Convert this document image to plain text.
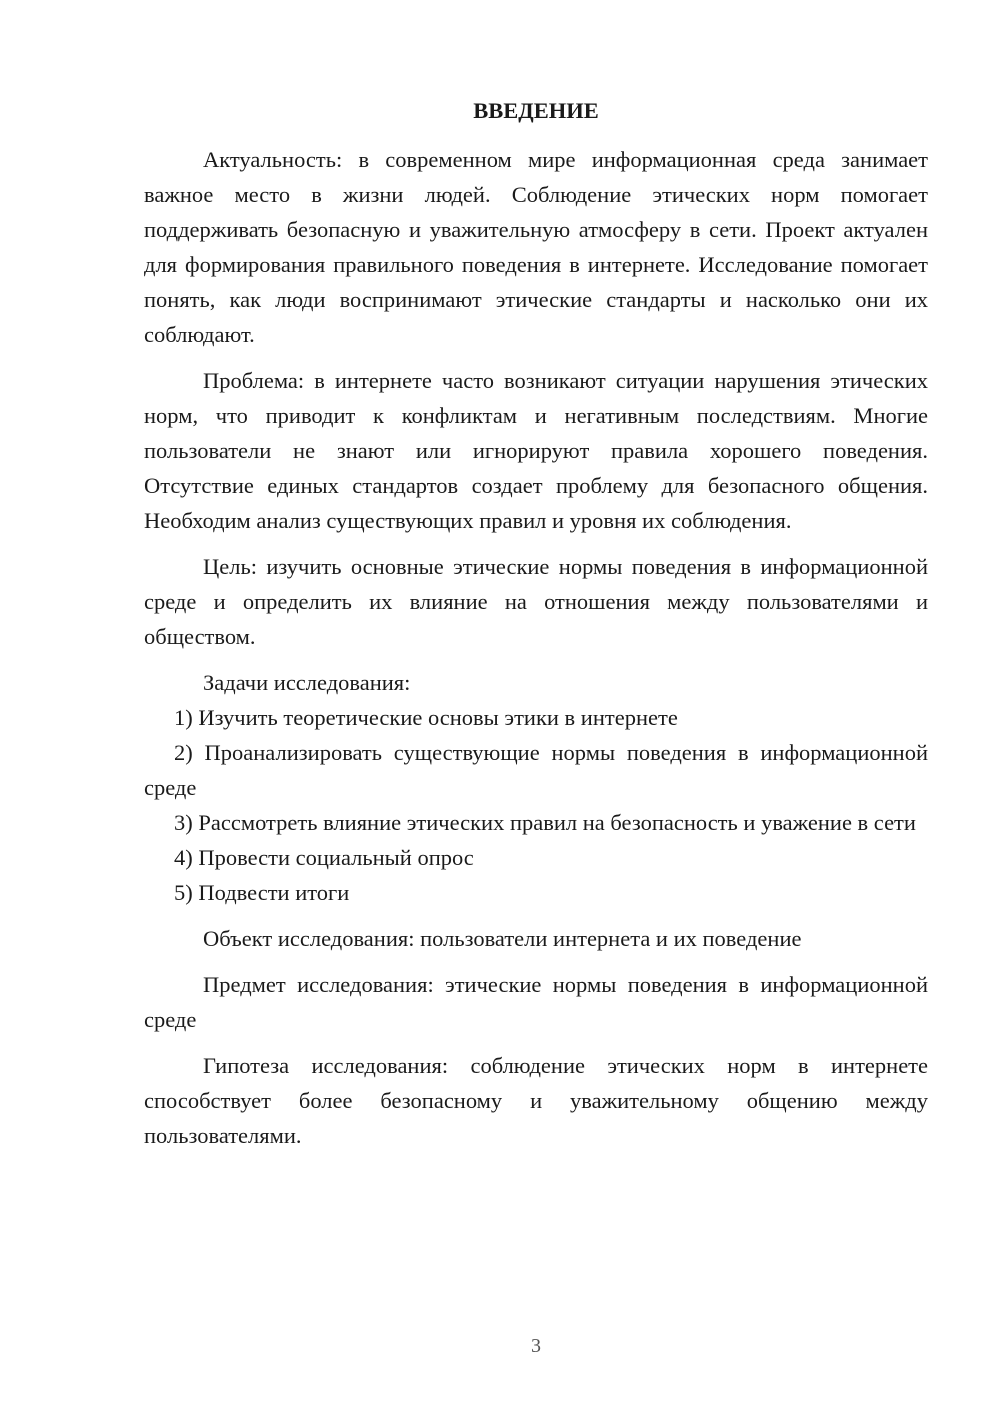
ВВЕДЕНИЕ

Актуальность: в современном мире информационная среда занимает важное место в жизни людей. Соблюдение этических норм помогает поддерживать безопасную и уважительную атмосферу в сети. Проект актуален для формирования правильного поведения в интернете. Исследование помогает понять, как люди воспринимают этические стандарты и насколько они их соблюдают.

Проблема: в интернете часто возникают ситуации нарушения этических норм, что приводит к конфликтам и негативным последствиям. Многие пользователи не знают или игнорируют правила хорошего поведения. Отсутствие единых стандартов создает проблему для безопасного общения. Необходим анализ существующих правил и уровня их соблюдения.

Цель: изучить основные этические нормы поведения в информационной среде и определить их влияние на отношения между пользователями и обществом.

Задачи исследования:

1) Изучить теоретические основы этики в интернете

2) Проанализировать существующие нормы поведения в информационной среде

3) Рассмотреть влияние этических правил на безопасность и уважение в сети

4) Провести социальный опрос

5) Подвести итоги

Объект исследования: пользователи интернета и их поведение

Предмет исследования: этические нормы поведения в информационной среде

Гипотеза исследования: соблюдение этических норм в интернете способствует более безопасному и уважительному общению между пользователями.

3
